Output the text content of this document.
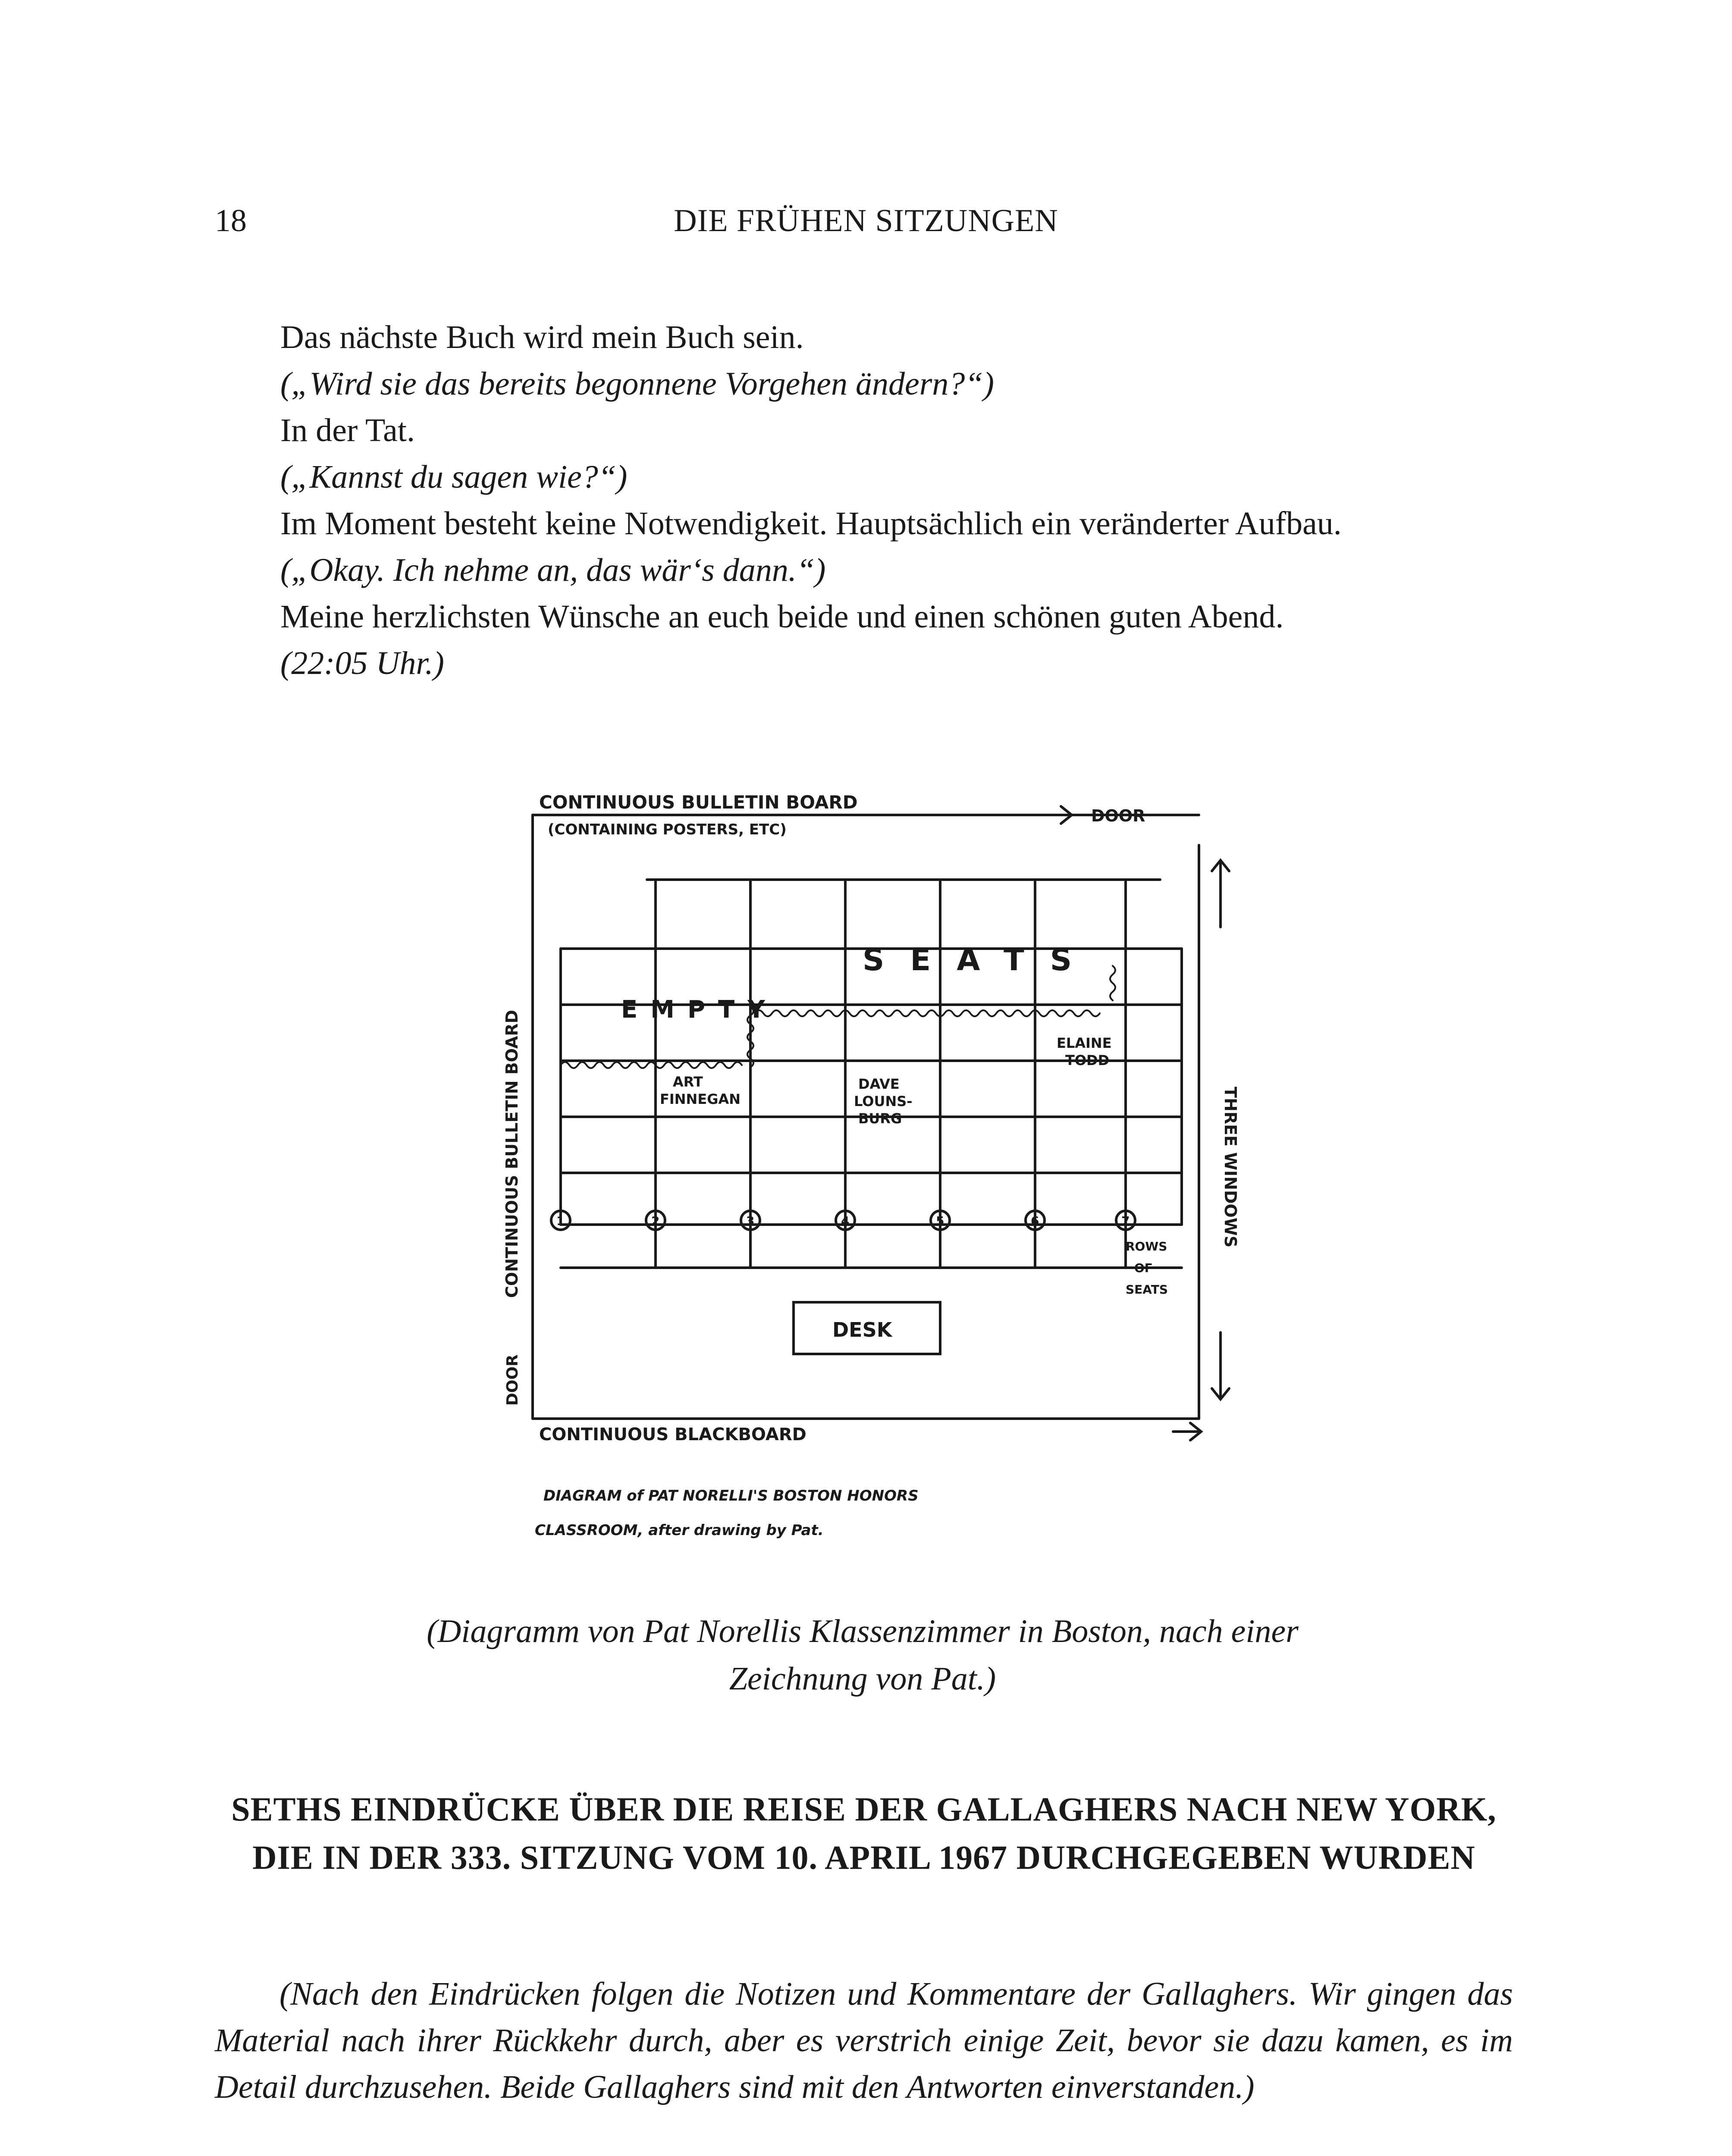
18	DIE FRÜHEN SITZUNGEN
Das nächste Buch wird mein Buch sein.
(„Wird sie das bereits begonnene Vorgehen ändern?“)
In der Tat.
(„Kannst du sagen wie?“)
Im Moment besteht keine Notwendigkeit. Hauptsächlich ein veränderter Aufbau.
(„Okay. Ich nehme an, das wär‘s dann.“)
Meine herzlichsten Wünsche an euch beide und einen schönen guten Abend.
(22:05 Uhr.)
CONTINUOUS BULLETIN BOARD
(CONTAINING POSTERS, ETC)
DOOR
CONTINUOUS BULLETIN BOARD
DOOR
THREE WINDOWS
CONTINUOUS BLACKBOARD
EMPTY
SEATS
ELAINE
TODD
ART
FINNEGAN
DAVE
LOUNS-
BURG
1	2	3	4	5	6	7
ROWS
OF
SEATS
DESK
DIAGRAM of PAT NORELLI'S BOSTON HONORS
CLASSROOM, after drawing by Pat.
(Diagramm von Pat Norellis Klassenzimmer in Boston, nach einer
Zeichnung von Pat.)
SETHS EINDRÜCKE ÜBER DIE REISE DER GALLAGHERS NACH NEW YORK, DIE IN DER 333. SITZUNG VOM 10. APRIL 1967 DURCHGEGEBEN WURDEN
(Nach den Eindrücken folgen die Notizen und Kommentare der Gallaghers. Wir gingen das Material nach ihrer Rückkehr durch, aber es verstrich einige Zeit, bevor sie dazu kamen, es im Detail durchzusehen. Beide Gallaghers sind mit den Antworten einverstanden.)
